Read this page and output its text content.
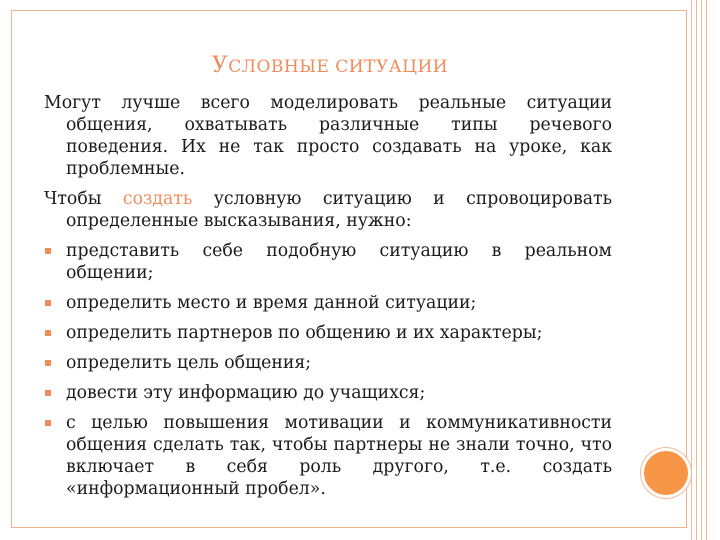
УСЛОВНЫЕ СИТУАЦИИ

Могут лучше всего моделировать реальные ситуации общения, охватывать различные типы речевого поведения. Их не так просто создавать на уроке, как проблемные.

Чтобы создать условную ситуацию и спровоцировать определенные высказывания, нужно:

представить себе подобную ситуацию в реальном общении;
определить место и время данной ситуации;
определить партнеров по общению и их характеры;
определить цель общения;
довести эту информацию до учащихся;
с целью повышения мотивации и коммуникативности общения сделать так, чтобы партнеры не знали точно, что включает в себя роль другого, т.е. создать «информационный пробел».
